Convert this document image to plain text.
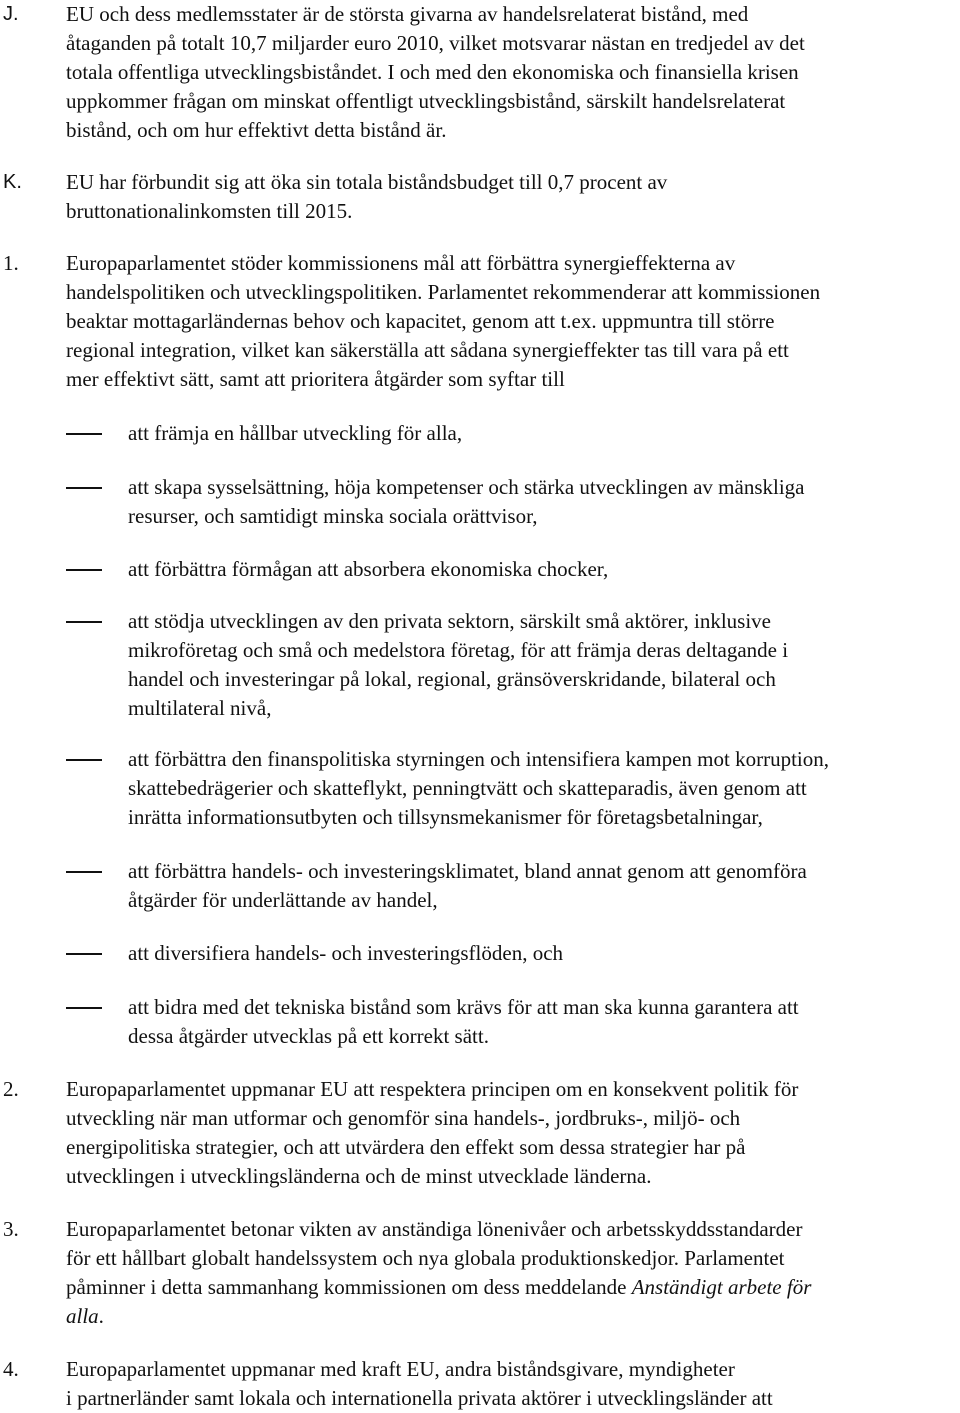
J.	EU och dess medlemsstater är de största givarna av handelsrelaterat bistånd, med
åtaganden på totalt 10,7 miljarder euro 2010, vilket motsvarar nästan en tredjedel av det
totala offentliga utvecklingsbiståndet. I och med den ekonomiska och finansiella krisen
uppkommer frågan om minskat offentligt utvecklingsbistånd, särskilt handelsrelaterat
bistånd, och om hur effektivt detta bistånd är.
K.	EU har förbundit sig att öka sin totala biståndsbudget till 0,7 procent av
bruttonationalinkomsten till 2015.
1.	Europaparlamentet stöder kommissionens mål att förbättra synergieffekterna av
handelspolitiken och utvecklingspolitiken. Parlamentet rekommenderar att kommissionen
beaktar mottagarländernas behov och kapacitet, genom att t.ex. uppmuntra till större
regional integration, vilket kan säkerställa att sådana synergieffekter tas till vara på ett
mer effektivt sätt, samt att prioritera åtgärder som syftar till
att främja en hållbar utveckling för alla,
att skapa sysselsättning, höja kompetenser och stärka utvecklingen av mänskliga
resurser, och samtidigt minska sociala orättvisor,
att förbättra förmågan att absorbera ekonomiska chocker,
att stödja utvecklingen av den privata sektorn, särskilt små aktörer, inklusive
mikroföretag och små och medelstora företag, för att främja deras deltagande i
handel och investeringar på lokal, regional, gränsöverskridande, bilateral och
multilateral nivå,
att förbättra den finanspolitiska styrningen och intensifiera kampen mot korruption,
skattebedrägerier och skatteflykt, penningtvätt och skatteparadis, även genom att
inrätta informationsutbyten och tillsynsmekanismer för företagsbetalningar,
att förbättra handels- och investeringsklimatet, bland annat genom att genomföra
åtgärder för underlättande av handel,
att diversifiera handels- och investeringsflöden, och
att bidra med det tekniska bistånd som krävs för att man ska kunna garantera att
dessa åtgärder utvecklas på ett korrekt sätt.
2.	Europaparlamentet uppmanar EU att respektera principen om en konsekvent politik för
utveckling när man utformar och genomför sina handels-, jordbruks-, miljö- och
energipolitiska strategier, och att utvärdera den effekt som dessa strategier har på
utvecklingen i utvecklingsländerna och de minst utvecklade länderna.
3.	Europaparlamentet betonar vikten av anständiga lönenivåer och arbetsskyddsstandarder
för ett hållbart globalt handelssystem och nya globala produktionskedjor. Parlamentet
påminner i detta sammanhang kommissionen om dess meddelande Anständigt arbete för
alla.
4.	Europaparlamentet uppmanar med kraft EU, andra biståndsgivare, myndigheter
i partnerländer samt lokala och internationella privata aktörer i utvecklingsländer att
